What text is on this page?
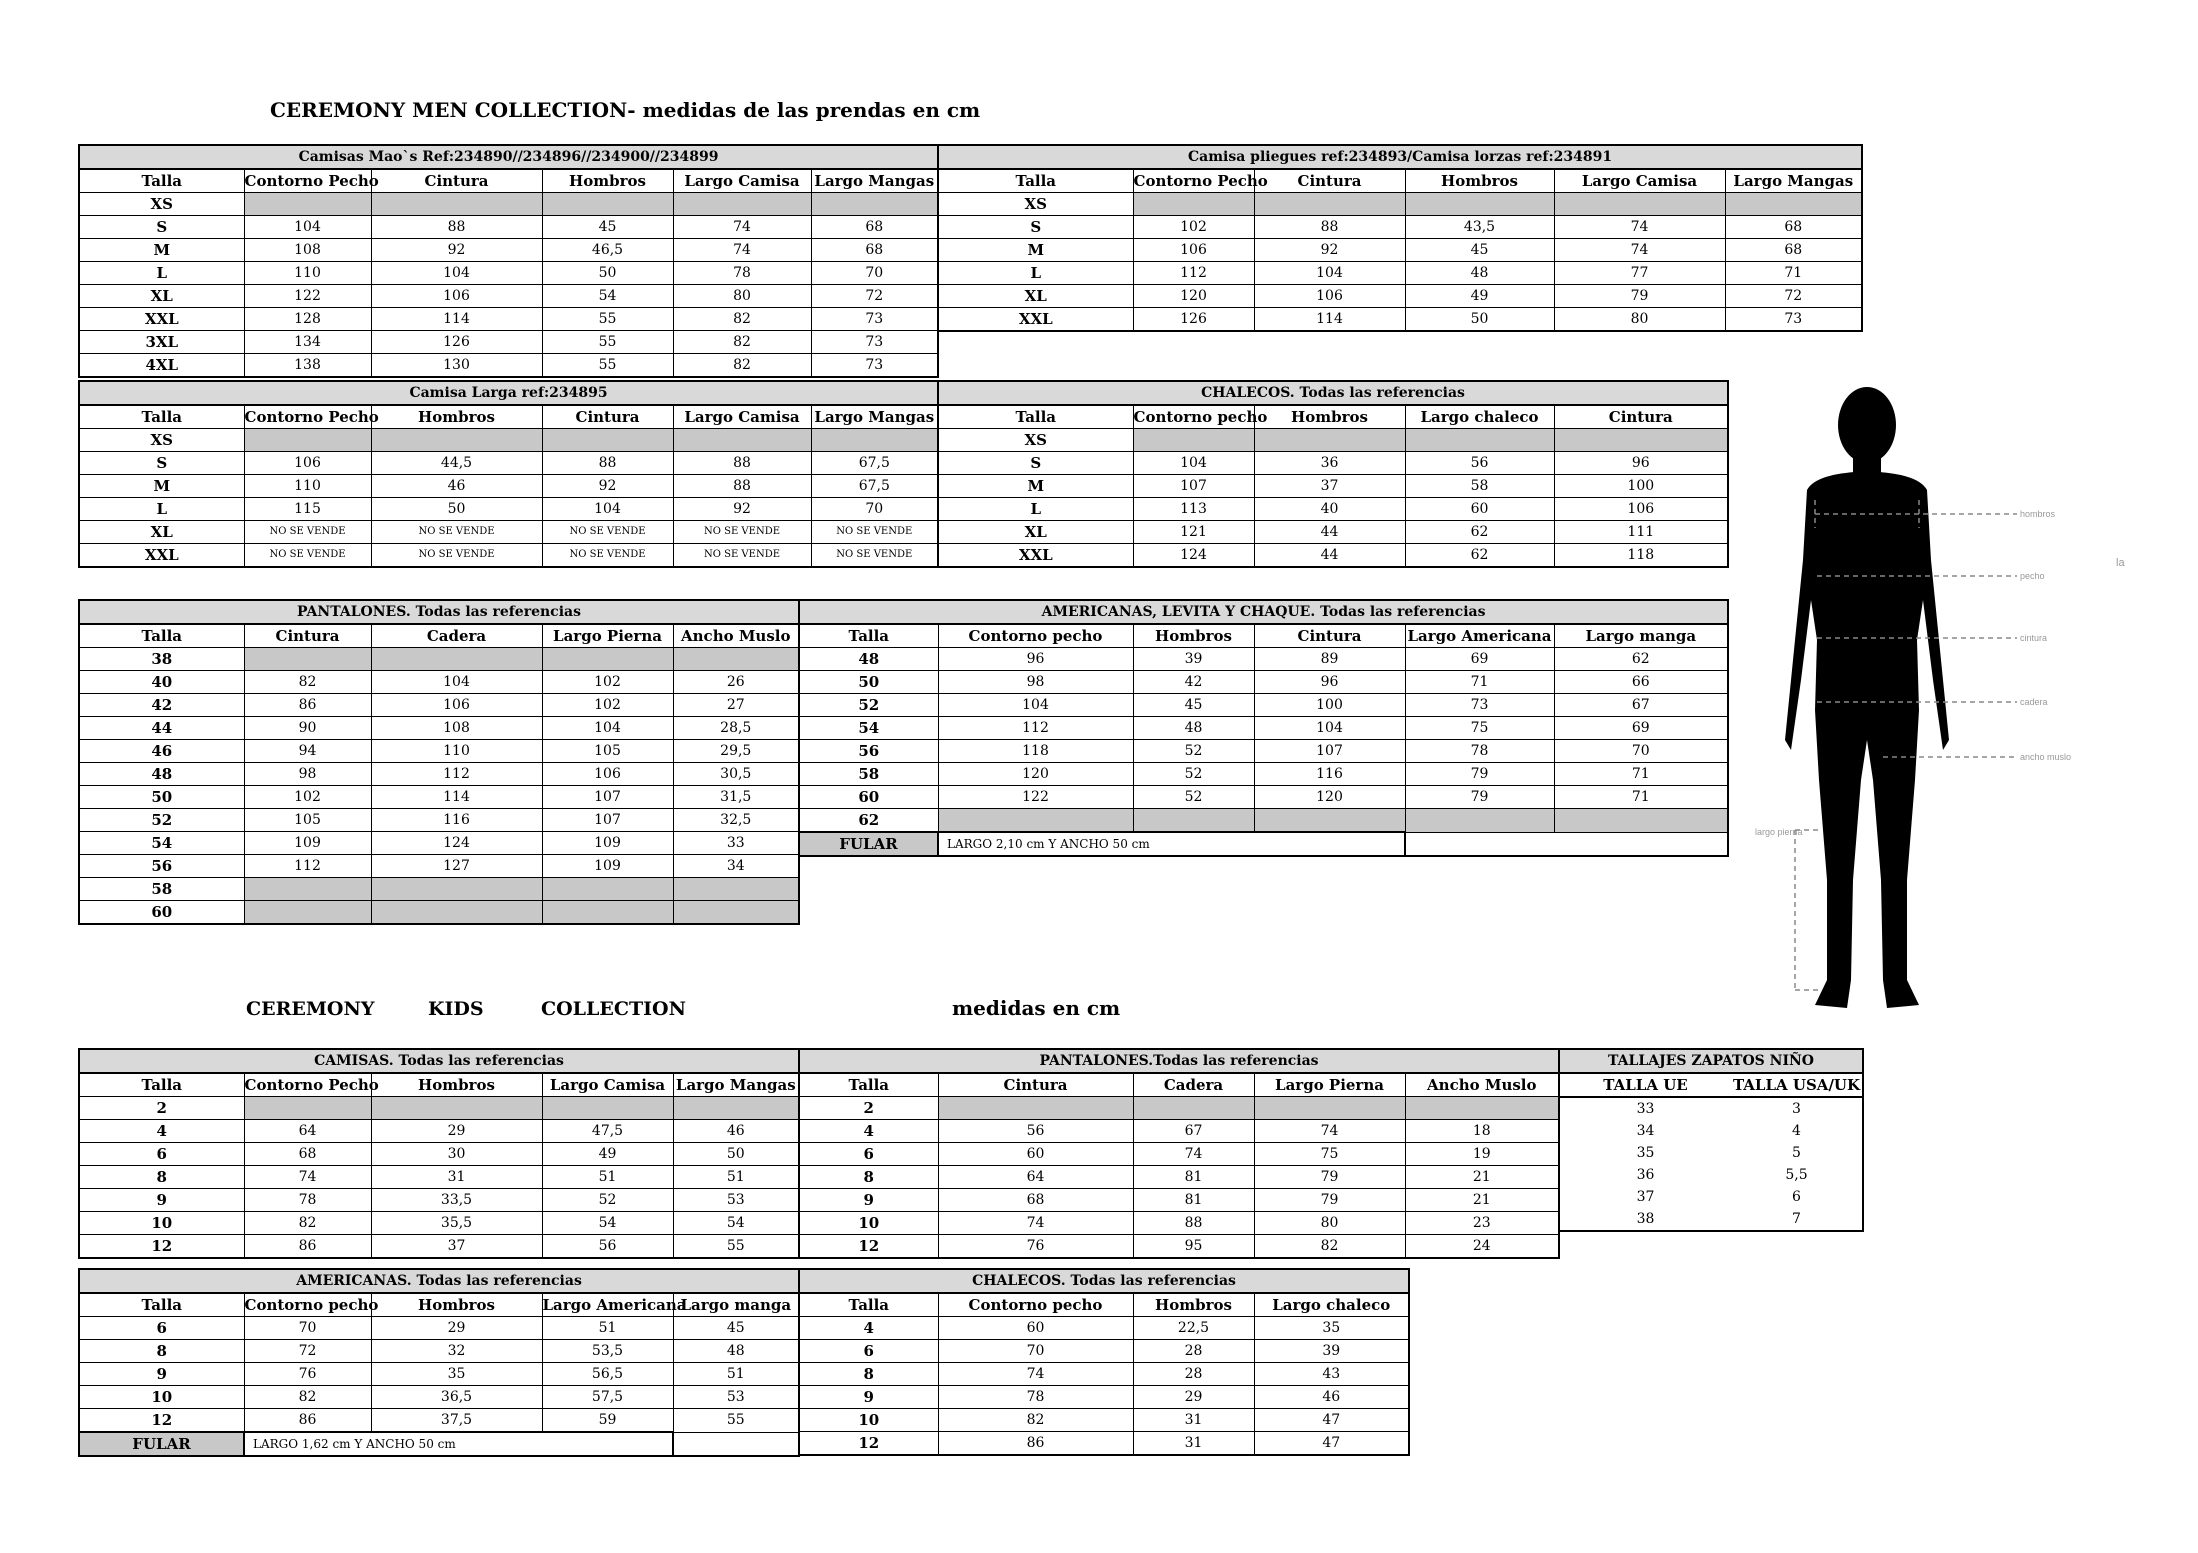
CEREMONY MEN COLLECTION- medidas de las prendas en cm
Camisas Mao`s Ref:234890//234896//234900//234899					
Talla	Contorno Pecho	Cintura	Hombros	Largo Camisa	Largo Mangas
XS					
S	104	88	45	74	68
M	108	92	46,5	74	68
L	110	104	50	78	70
XL	122	106	54	80	72
XXL	128	114	55	82	73
3XL	134	126	55	82	73
4XL	138	130	55	82	73
Camisa pliegues ref:234893/Camisa lorzas ref:234891					
Talla	Contorno Pecho	Cintura	Hombros	Largo Camisa	Largo Mangas
XS					
S	102	88	43,5	74	68
M	106	92	45	74	68
L	112	104	48	77	71
XL	120	106	49	79	72
XXL	126	114	50	80	73
Camisa Larga ref:234895					
Talla	Contorno Pecho	Hombros	Cintura	Largo Camisa	Largo Mangas
XS					
S	106	44,5	88	88	67,5
M	110	46	92	88	67,5
L	115	50	104	92	70
XL	NO SE VENDE	NO SE VENDE	NO SE VENDE	NO SE VENDE	NO SE VENDE
XXL	NO SE VENDE	NO SE VENDE	NO SE VENDE	NO SE VENDE	NO SE VENDE
CHALECOS. Todas las referencias				
Talla	Contorno pecho	Hombros	Largo chaleco	Cintura
XS				
S	104	36	56	96
M	107	37	58	100
L	113	40	60	106
XL	121	44	62	111
XXL	124	44	62	118
PANTALONES. Todas las referencias				
Talla	Cintura	Cadera	Largo Pierna	Ancho Muslo
38				
40	82	104	102	26
42	86	106	102	27
44	90	108	104	28,5
46	94	110	105	29,5
48	98	112	106	30,5
50	102	114	107	31,5
52	105	116	107	32,5
54	109	124	109	33
56	112	127	109	34
58				
60				
AMERICANAS, LEVITA Y CHAQUE. Todas las referencias					
Talla	Contorno pecho	Hombros	Cintura	Largo Americana	Largo manga
48	96	39	89	69	62
50	98	42	96	71	66
52	104	45	100	73	67
54	112	48	104	75	69
56	118	52	107	78	70
58	120	52	116	79	71
60	122	52	120	79	71
62					
FULAR	LARGO 2,10 cm Y ANCHO 50 cm				
CEREMONY	KIDS	COLLECTION	medidas en cm
CAMISAS. Todas las referencias				
Talla	Contorno Pecho	Hombros	Largo Camisa	Largo Mangas
2				
4	64	29	47,5	46
6	68	30	49	50
8	74	31	51	51
9	78	33,5	52	53
10	82	35,5	54	54
12	86	37	56	55
PANTALONES.Todas las referencias				
Talla	Cintura	Cadera	Largo Pierna	Ancho Muslo
2				
4	56	67	74	18
6	60	74	75	19
8	64	81	79	21
9	68	81	79	21
10	74	88	80	23
12	76	95	82	24
TALLAJES ZAPATOS NIÑO	
TALLA UE	TALLA USA/UK
33	3
34	4
35	5
36	5,5
37	6
38	7
AMERICANAS. Todas las referencias				
Talla	Contorno pecho	Hombros	Largo Americana	Largo manga
6	70	29	51	45
8	72	32	53,5	48
9	76	35	56,5	51
10	82	36,5	57,5	53
12	86	37,5	59	55
FULAR	LARGO 1,62 cm Y ANCHO 50 cm			
CHALECOS. Todas las referencias			
Talla	Contorno pecho	Hombros	Largo chaleco
4	60	22,5	35
6	70	28	39
8	74	28	43
9	78	29	46
10	82	31	47
12	86	31	47
hombros
pecho
cintura
cadera
ancho muslo
largo pierna
la
